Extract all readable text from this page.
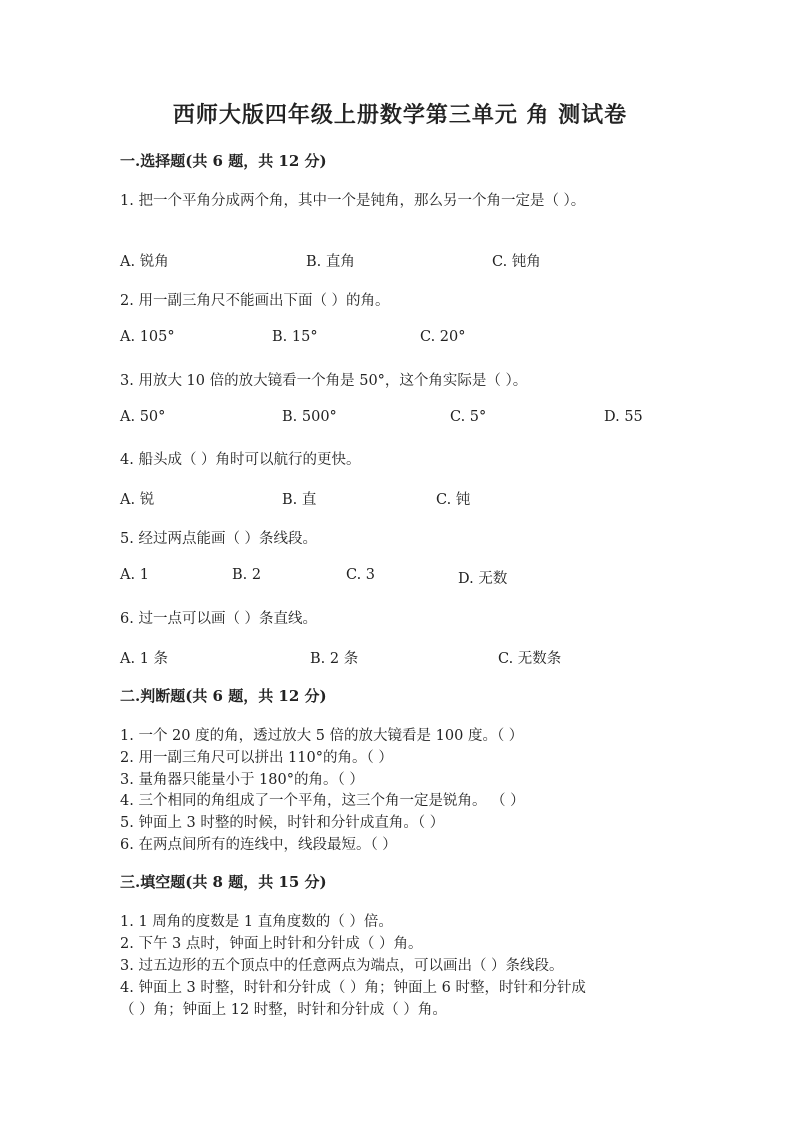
西师大版四年级上册数学第三单元 角 测试卷
一.选择题(共 6 题，共 12 分)
1. 把一个平角分成两个角，其中一个是钝角，那么另一个角一定是（ ）。
A. 锐角	B. 直角	C. 钝角
2. 用一副三角尺不能画出下面（ ）的角。
A. 105°	B. 15°	C. 20°
3. 用放大 10 倍的放大镜看一个角是 50°，这个角实际是（ ）。
A. 50°	B. 500°	C. 5°	D. 55
4. 船头成（ ）角时可以航行的更快。
A. 锐	B. 直	C. 钝
5. 经过两点能画（ ）条线段。
A. 1	B. 2	C. 3	D. 无数
6. 过一点可以画（ ）条直线。
A. 1 条	B. 2 条	C. 无数条
二.判断题(共 6 题，共 12 分)
1. 一个 20 度的角，透过放大 5 倍的放大镜看是 100 度。（ ）
2. 用一副三角尺可以拼出 110°的角。（ ）
3. 量角器只能量小于 180°的角。（ ）
4. 三个相同的角组成了一个平角，这三个角一定是锐角。 （ ）
5. 钟面上 3 时整的时候，时针和分针成直角。（ ）
6. 在两点间所有的连线中，线段最短。（ ）
三.填空题(共 8 题，共 15 分)
1. 1 周角的度数是 1 直角度数的（ ）倍。
2. 下午 3 点时，钟面上时针和分针成（ ）角。
3. 过五边形的五个顶点中的任意两点为端点，可以画出（ ）条线段。
4. 钟面上 3 时整，时针和分针成（ ）角；钟面上 6 时整，时针和分针成
（ ）角；钟面上 12 时整，时针和分针成（ ）角。
